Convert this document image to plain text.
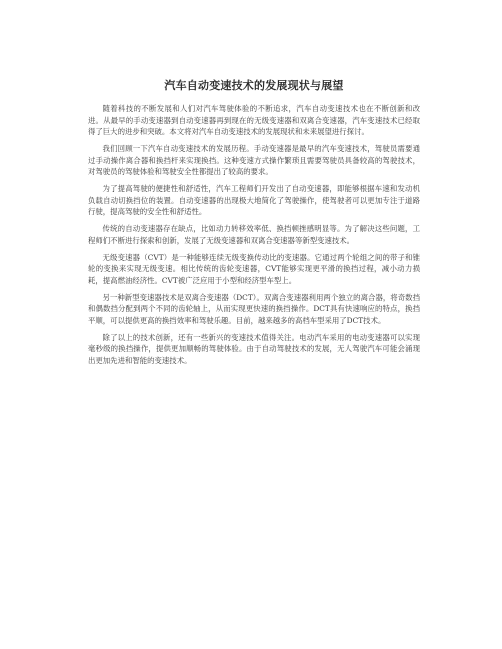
汽车自动变速技术的发展现状与展望

随着科技的不断发展和人们对汽车驾驶体验的不断追求，汽车自动变速技术也在不断创新和改进。从最早的手动变速器到自动变速器再到现在的无级变速器和双离合变速器，汽车变速技术已经取得了巨大的进步和突破。本文将对汽车自动变速技术的发展现状和未来展望进行探讨。

我们回顾一下汽车自动变速技术的发展历程。手动变速器是最早的汽车变速技术，驾驶员需要通过手动操作离合器和换挡杆来实现换挡。这种变速方式操作繁琐且需要驾驶员具备较高的驾驶技术，对驾驶员的驾驶体验和驾驶安全性都提出了较高的要求。

为了提高驾驶的便捷性和舒适性，汽车工程师们开发出了自动变速器，即能够根据车速和发动机负载自动切换挡位的装置。自动变速器的出现极大地简化了驾驶操作，使驾驶者可以更加专注于道路行驶，提高驾驶的安全性和舒适性。

传统的自动变速器存在缺点，比如动力转移效率低、换挡顿挫感明显等。为了解决这些问题，工程师们不断进行探索和创新，发展了无级变速器和双离合变速器等新型变速技术。

无级变速器（CVT）是一种能够连续无级变换传动比的变速器。它通过两个轮组之间的带子和锥轮的变换来实现无级变速。相比传统的齿轮变速器，CVT能够实现更平滑的换挡过程，减小动力损耗，提高燃油经济性。CVT被广泛应用于小型和经济型车型上。

另一种新型变速器技术是双离合变速器（DCT）。双离合变速器利用两个独立的离合器，将奇数挡和偶数挡分配到两个不同的齿轮轴上，从而实现更快速的换挡操作。DCT具有快速响应的特点，换挡平顺，可以提供更高的换挡效率和驾驶乐趣。目前，越来越多的高档车型采用了DCT技术。

除了以上的技术创新，还有一些新兴的变速技术值得关注。电动汽车采用的电动变速器可以实现毫秒级的换挡操作，提供更加顺畅的驾驶体验。由于自动驾驶技术的发展，无人驾驶汽车可能会涌现出更加先进和智能的变速技术。
